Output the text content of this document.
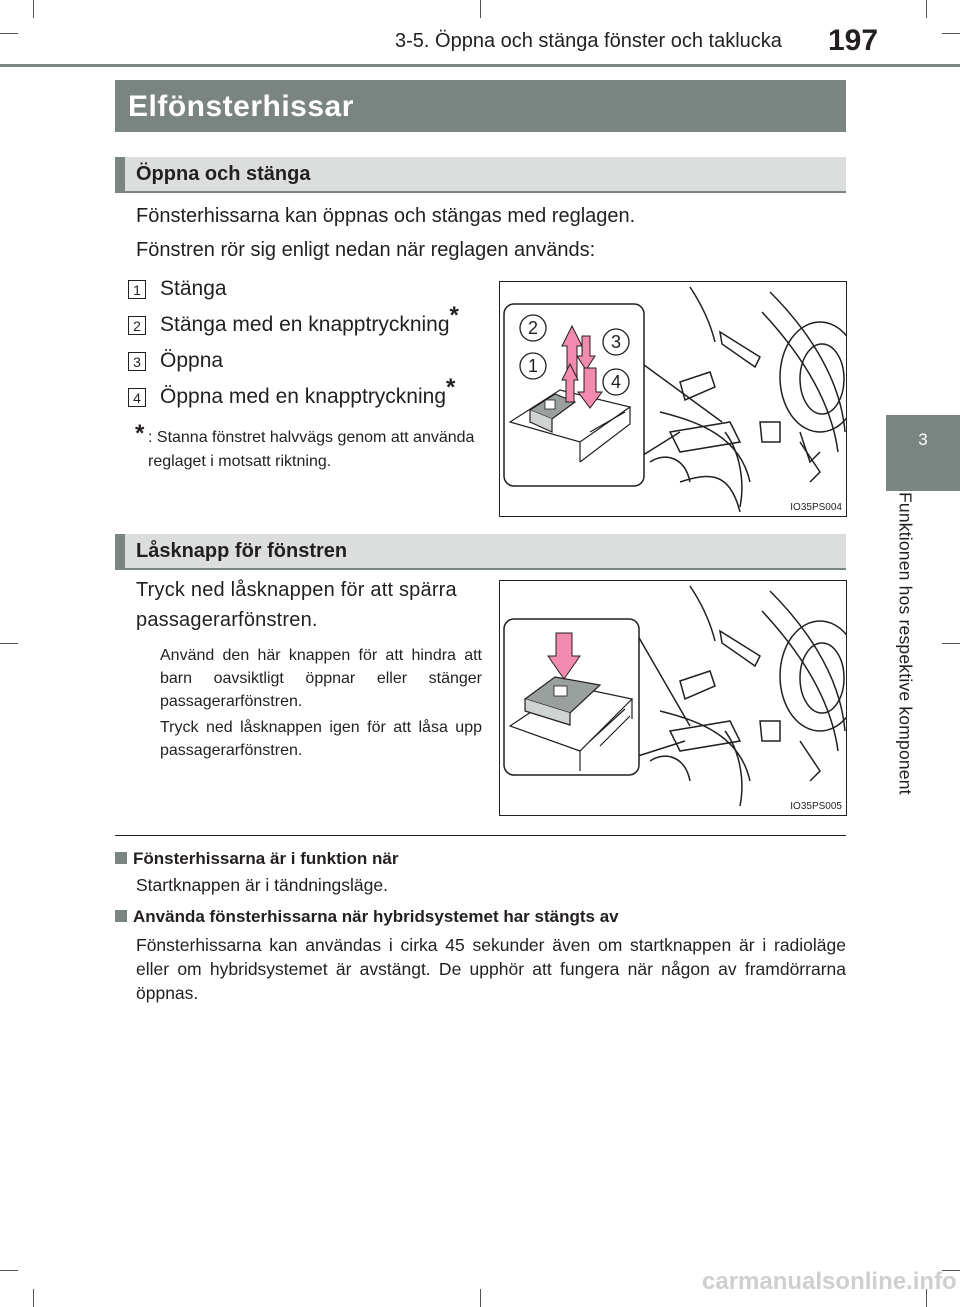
3-5. Öppna och stänga fönster och taklucka 197
3
Funktionen hos respektive komponent
Elfönsterhissar
Öppna och stänga
Fönsterhissarna kan öppnas och stängas med reglagen.
Fönstren rör sig enligt nedan när reglagen används:
1 Stänga
2 Stänga med en knapptryckning*
3 Öppna
4 Öppna med en knapptryckning*
* : Stanna fönstret halvvägs genom att använda reglaget i motsatt riktning.
2
3
1
4
IO35PS004
Låsknapp för fönstren
Tryck ned låsknappen för att spärra passagerarfönstren.
Använd den här knappen för att hindra att barn oavsiktligt öppnar eller stänger passagerarfönstren.
Tryck ned låsknappen igen för att låsa upp passagerarfönstren.
IO35PS005
Fönsterhissarna är i funktion när
Startknappen är i tändningsläge.
Använda fönsterhissarna när hybridsystemet har stängts av
Fönsterhissarna kan användas i cirka 45 sekunder även om startknappen är i radioläge eller om hybridsystemet är avstängt. De upphör att fungera när någon av framdörrarna öppnas.
carmanualsonline.info
